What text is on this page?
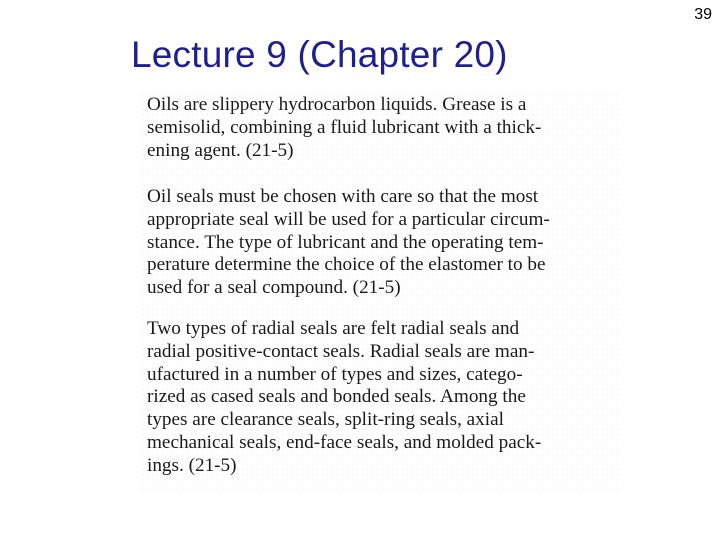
39
Lecture 9 (Chapter 20)
Oils are slippery hydrocarbon liquids. Grease is a
semisolid, combining a fluid lubricant with a thick-
ening agent. (21-5)
Oil seals must be chosen with care so that the most
appropriate seal will be used for a particular circum-
stance. The type of lubricant and the operating tem-
perature determine the choice of the elastomer to be
used for a seal compound. (21-5)
Two types of radial seals are felt radial seals and
radial positive-contact seals. Radial seals are man-
ufactured in a number of types and sizes, catego-
rized as cased seals and bonded seals. Among the
types are clearance seals, split-ring seals, axial
mechanical seals, end-face seals, and molded pack-
ings. (21-5)
